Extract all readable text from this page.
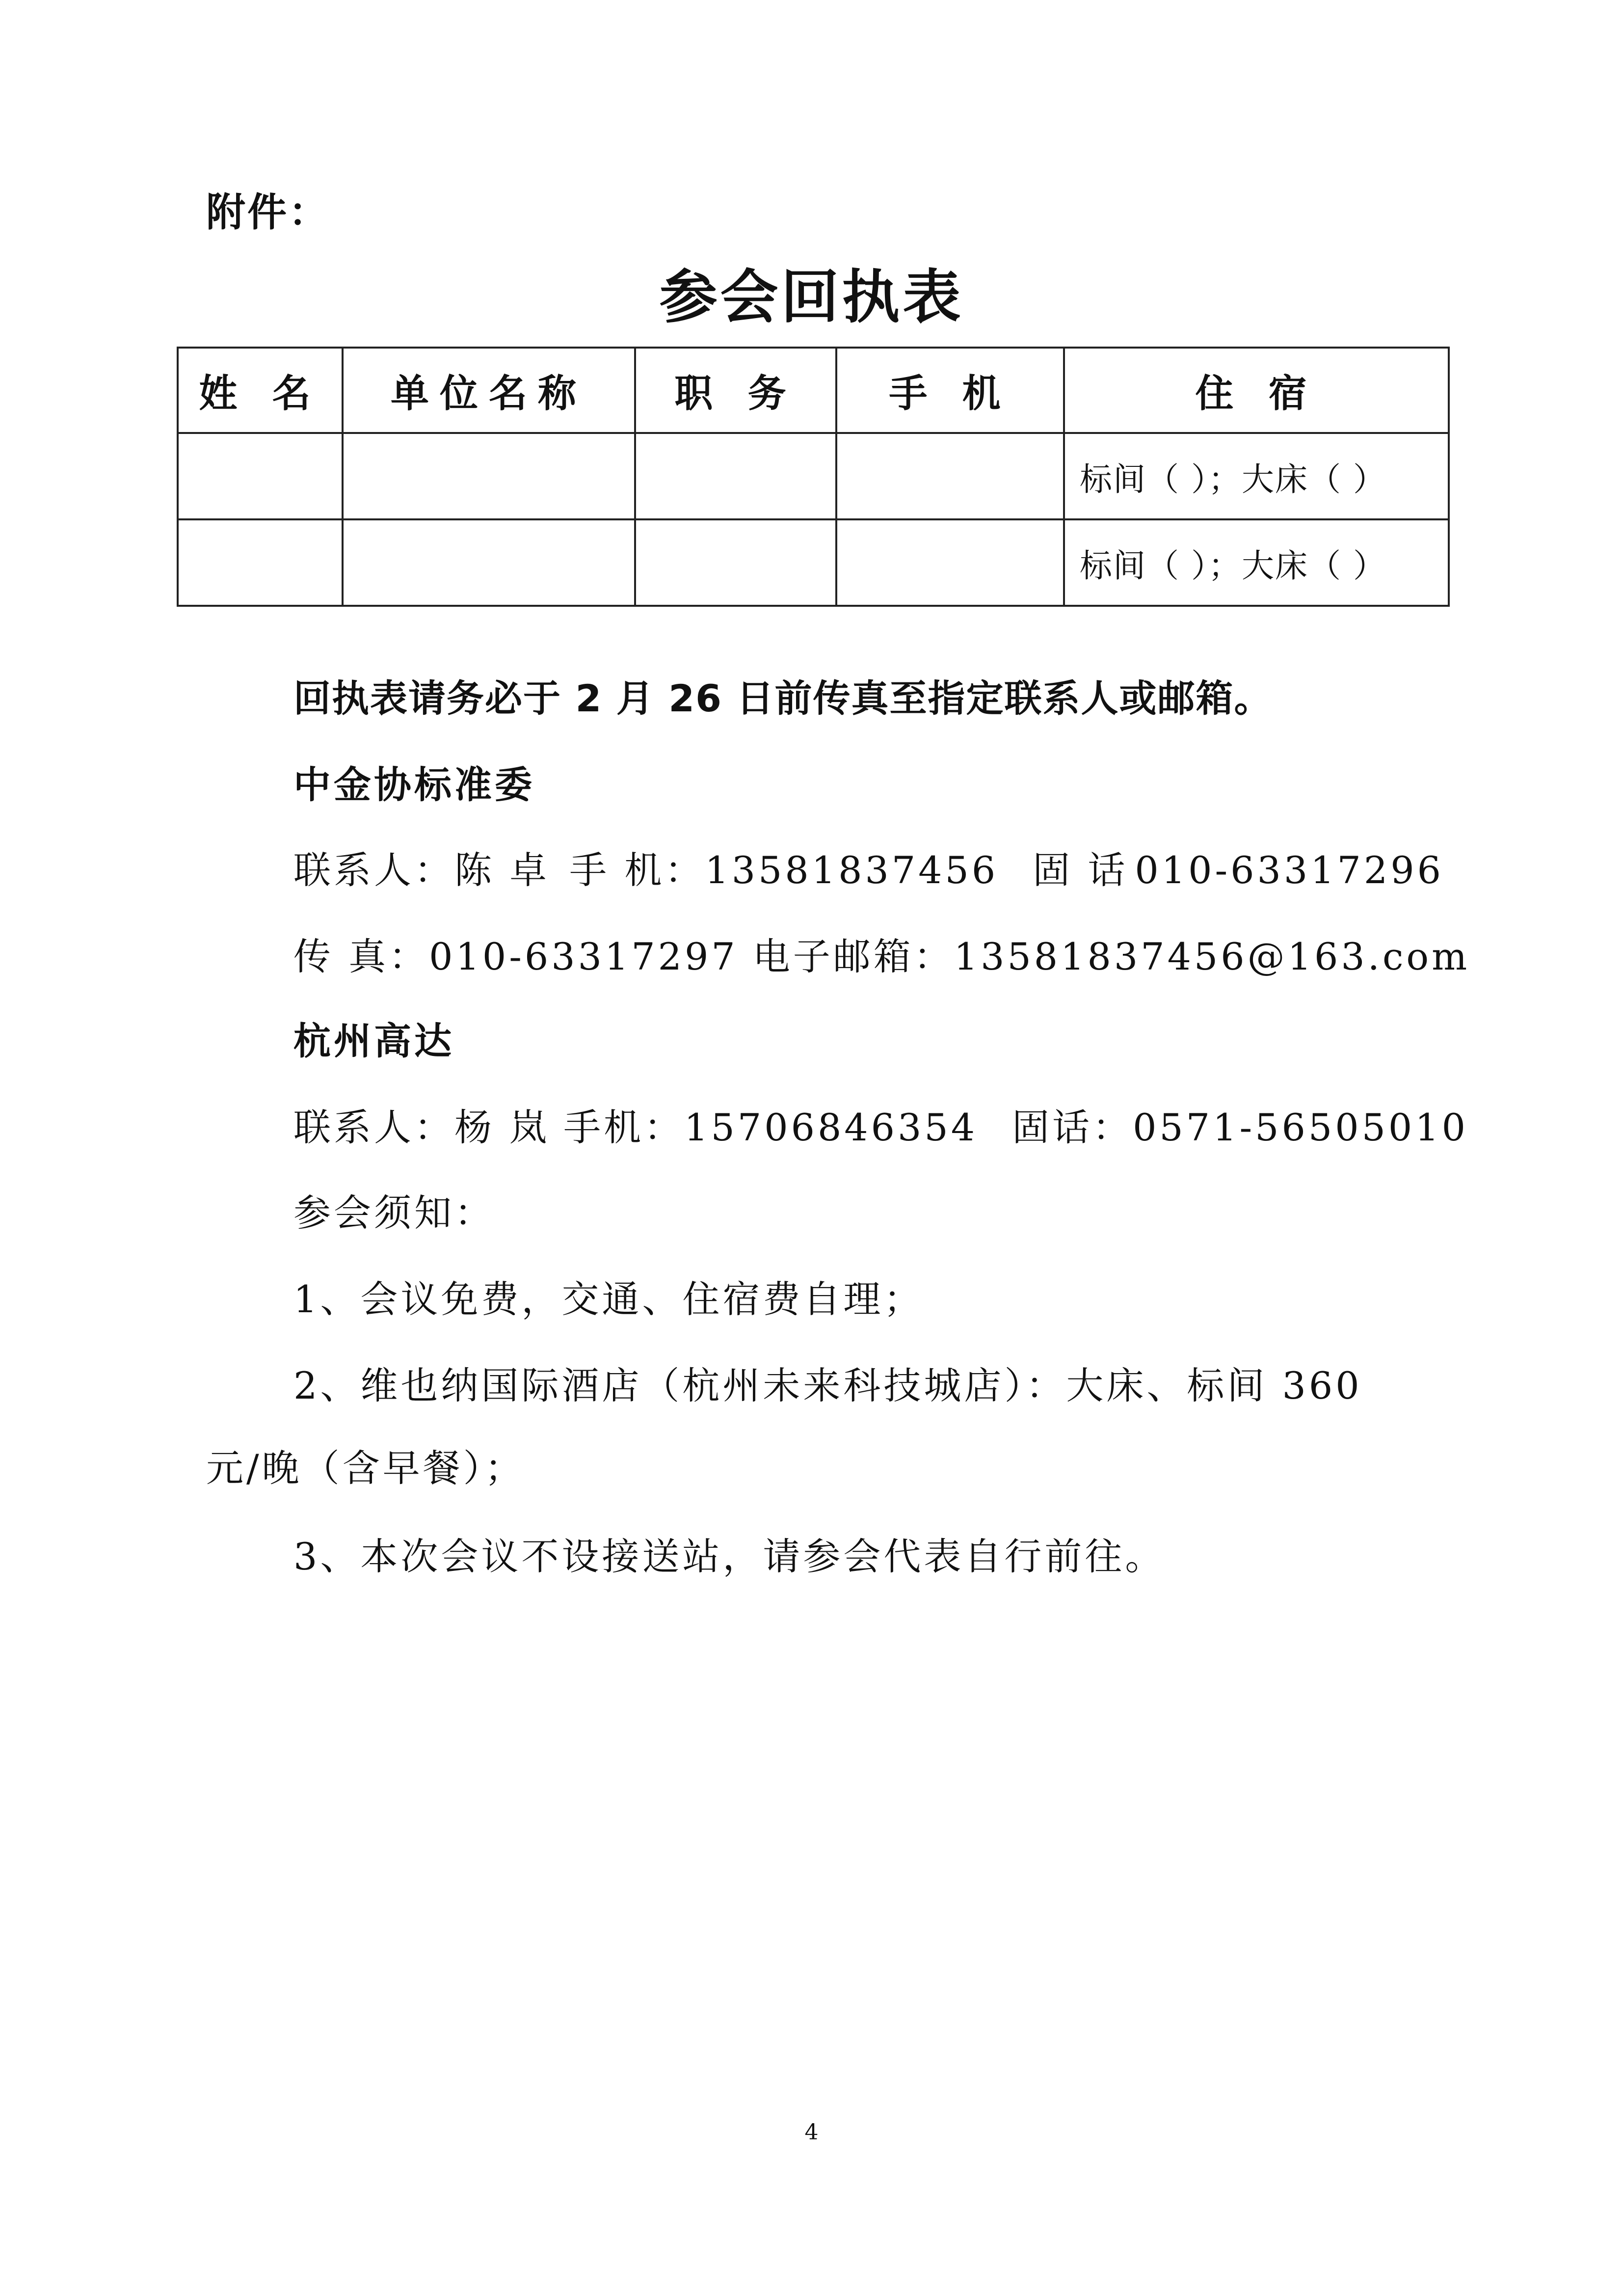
附件：
参会回执表
姓 名	单位名称	职 务	手 机	住 宿
				标间（ ）；大床（ ）
				标间（ ）；大床（ ）
回执表请务必于 2 月 26 日前传真至指定联系人或邮箱。
中金协标准委
联系人：陈 卓 手 机：13581837456 固 话 010-63317296
传 真：010-63317297 电子邮箱：13581837456@163.com
杭州高达
联系人：杨 岚 手机：15706846354 固话：0571-56505010
参会须知：
1、会议免费，交通、住宿费自理；
2、维也纳国际酒店（杭州未来科技城店）：大床、标间 360
元/晚（含早餐）；
3、本次会议不设接送站，请参会代表自行前往。
4
